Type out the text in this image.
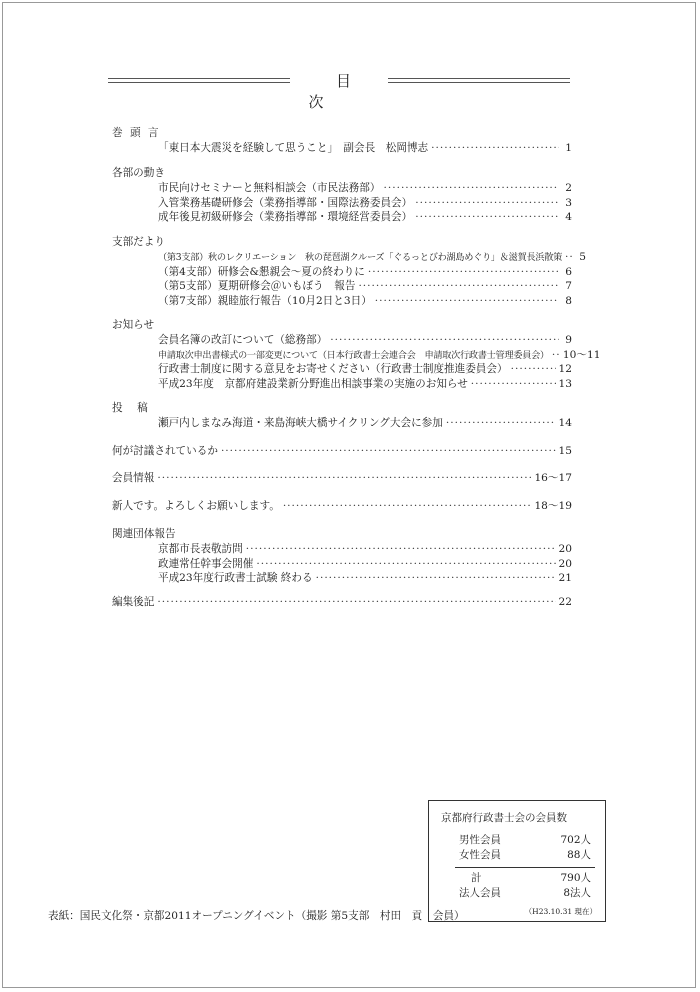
目　次
巻 頭 言
「東日本大震災を経験して思うこと」　副会長　松岡博志 ·····	1
各部の動き
市民向けセミナーと無料相談会（市民法務部） ·····	2
入管業務基礎研修会（業務指導部・国際法務委員会） ·····	3
成年後見初級研修会（業務指導部・環境経営委員会） ·····	4
支部だより
（第3支部）秋のレクリエーション　秋の琵琶湖クルーズ「ぐるっとびわ湖島めぐり」＆滋賀長浜散策 ·····	5
（第4支部）研修会&懇親会～夏の終わりに ·····	6
（第5支部）夏期研修会＠いもぼう　報告 ·····	7
（第7支部）親睦旅行報告（10月2日と3日） ·····	8
お知らせ
会員名簿の改訂について（総務部） ·····	9
申請取次申出書様式の一部変更について（日本行政書士会連合会　申請取次行政書士管理委員会） ····· 10～11
行政書士制度に関する意見をお寄せください（行政書士制度推進委員会） ·····	12
平成23年度　京都府建設業新分野進出相談事業の実施のお知らせ ·····	13
投　稿
瀬戸内しまなみ海道・来島海峡大橋サイクリング大会に参加 ·····	14
何が討議されているか ·····	15
会員情報 ·····	16～17
新人です。よろしくお願いします。 ·····	18～19
関連団体報告
京都市長表敬訪問 ·····	20
政連常任幹事会開催 ·····	20
平成23年度行政書士試験 終わる ·····	21
編集後記 ·····	22
京都府行政書士会の会員数
男性会員	702人
女性会員	88人
計	790人
法人会員	8法人
（H23.10.31 現在）
表紙：国民文化祭・京都2011オープニングイベント（撮影 第5支部　村田　貢　会員）
